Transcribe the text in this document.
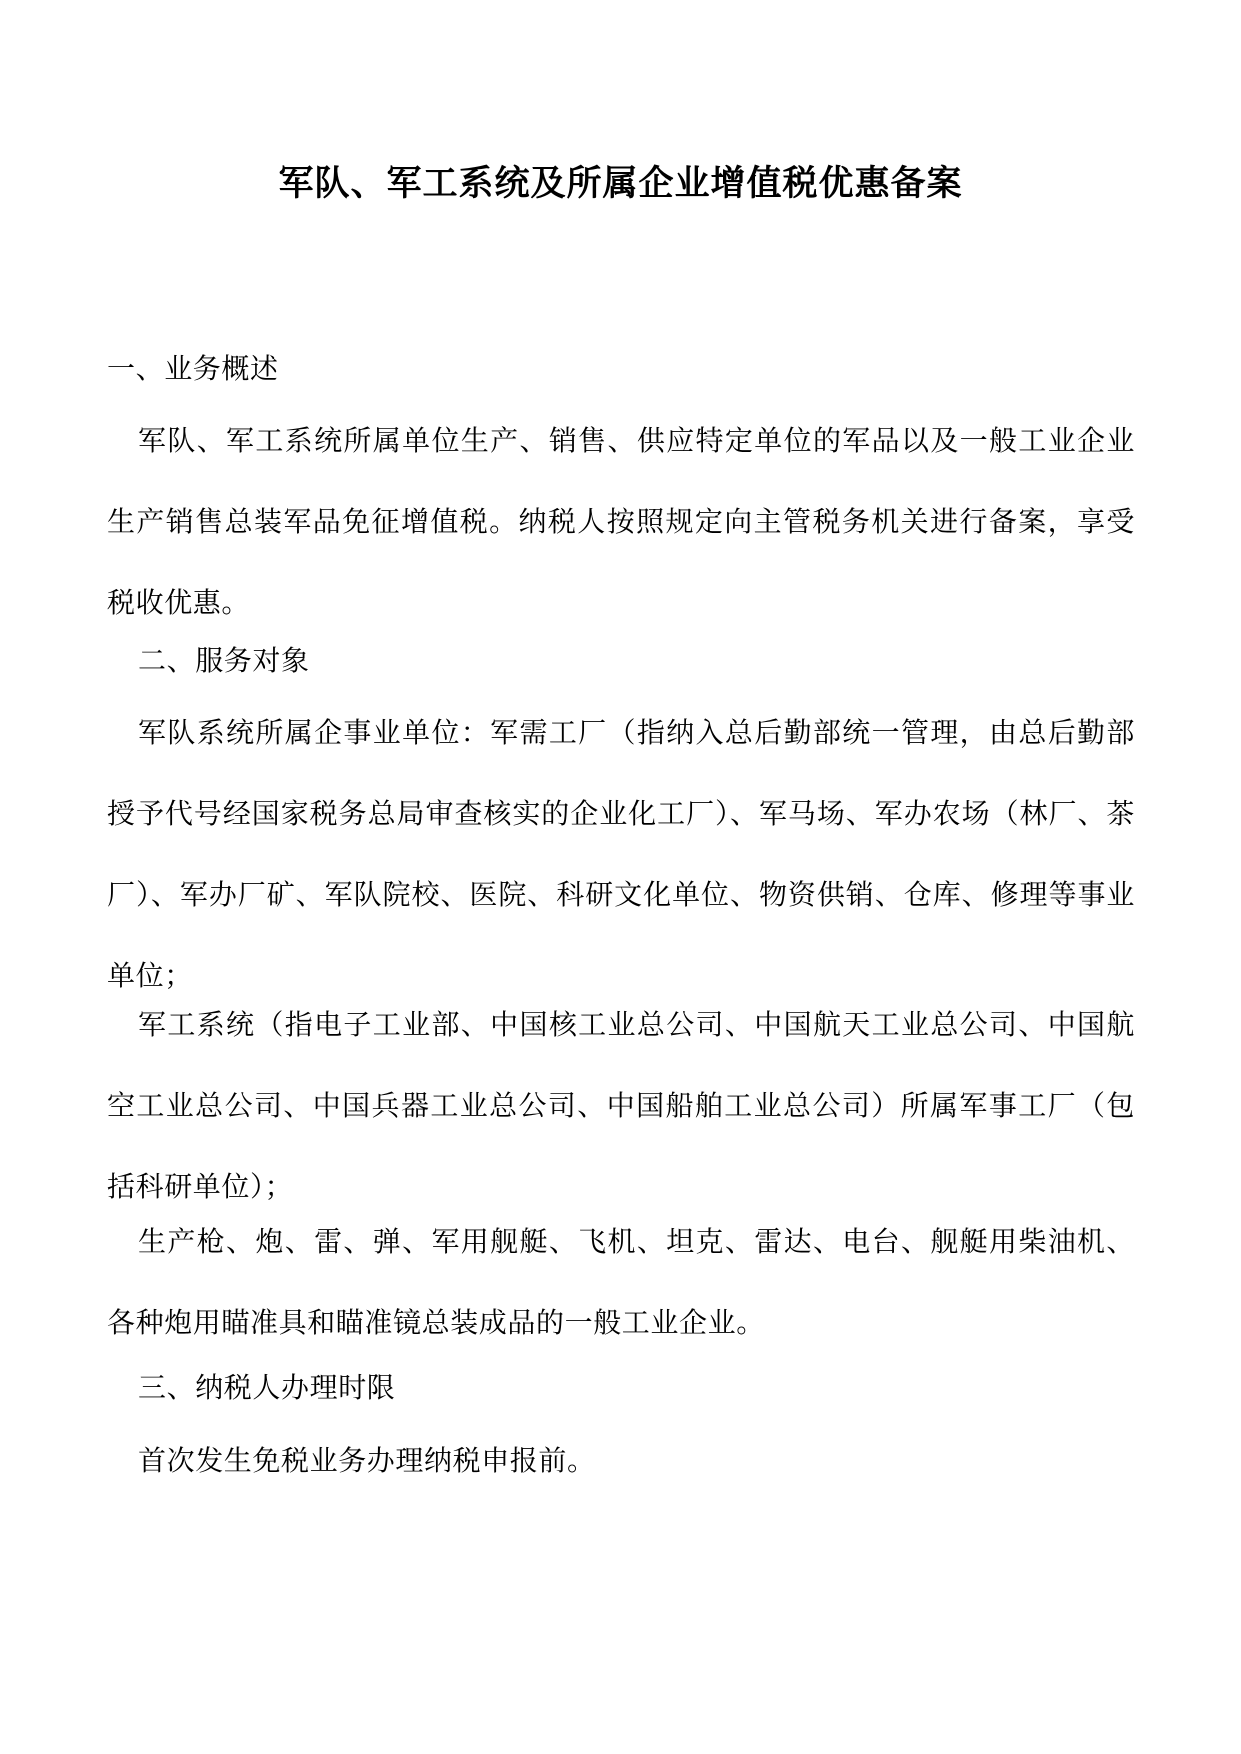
军队、军工系统及所属企业增值税优惠备案

一、业务概述

军队、军工系统所属单位生产、销售、供应特定单位的军品以及一般工业企业生产销售总装军品免征增值税。纳税人按照规定向主管税务机关进行备案，享受税收优惠。

二、服务对象

军队系统所属企事业单位：军需工厂（指纳入总后勤部统一管理，由总后勤部授予代号经国家税务总局审查核实的企业化工厂）、军马场、军办农场（林厂、茶厂）、军办厂矿、军队院校、医院、科研文化单位、物资供销、仓库、修理等事业单位；

军工系统（指电子工业部、中国核工业总公司、中国航天工业总公司、中国航空工业总公司、中国兵器工业总公司、中国船舶工业总公司）所属军事工厂（包括科研单位）；

生产枪、炮、雷、弹、军用舰艇、飞机、坦克、雷达、电台、舰艇用柴油机、各种炮用瞄准具和瞄准镜总装成品的一般工业企业。

三、纳税人办理时限

首次发生免税业务办理纳税申报前。
